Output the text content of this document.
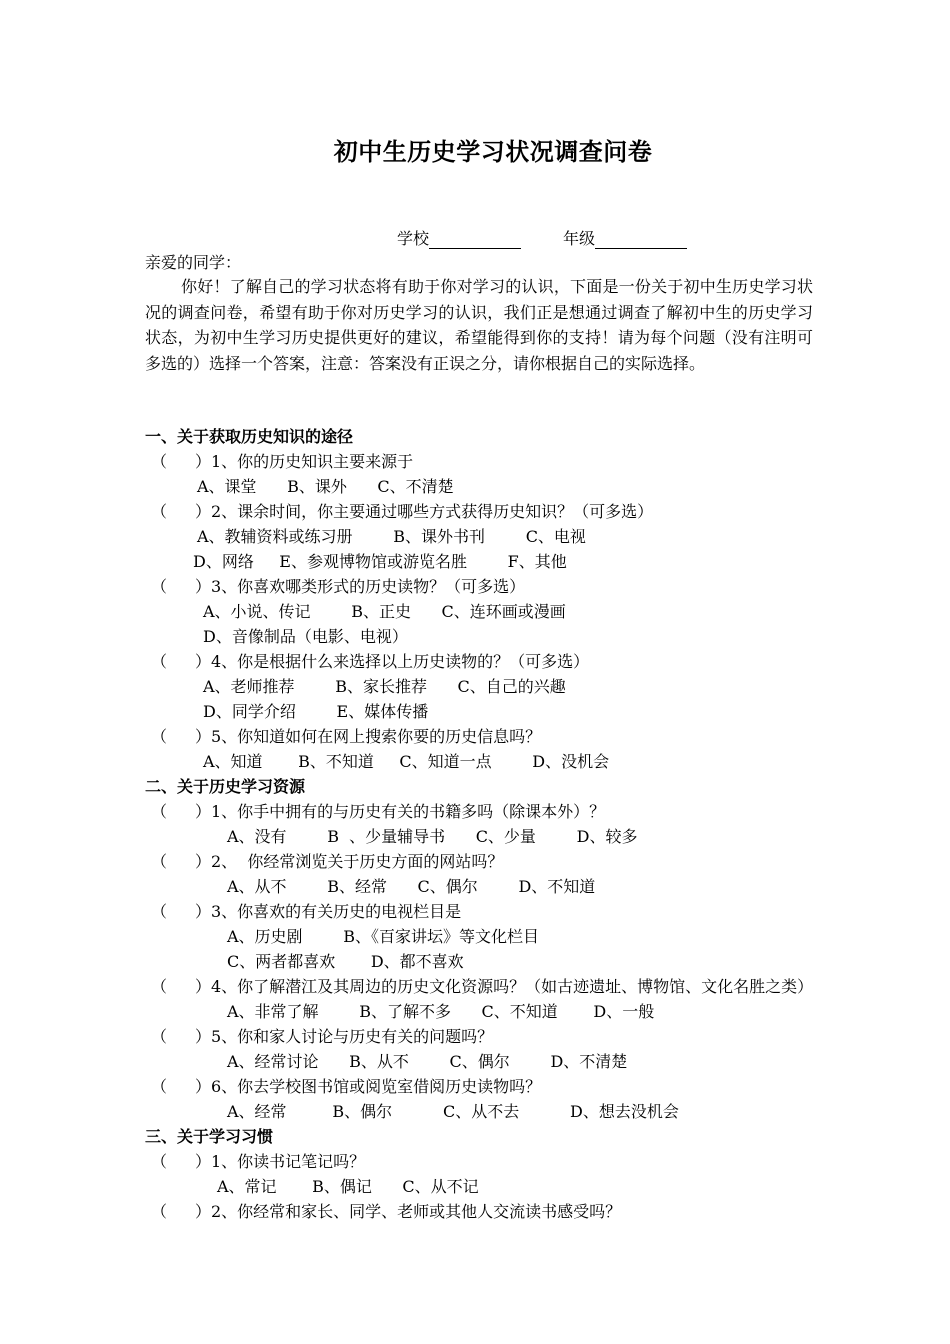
初中生历史学习状况调查问卷
学校	年级
亲爱的同学：
你好！了解自己的学习状态将有助于你对学习的认识，下面是一份关于初中生历史学习状况的调查问卷，希望有助于你对历史学习的认识，我们正是想通过调查了解初中生的历史学习状态，为初中生学习历史提供更好的建议，希望能得到你的支持！请为每个问题（没有注明可多选的）选择一个答案，注意：答案没有正误之分，请你根据自己的实际选择。
一、关于获取历史知识的途径
（ ）1、你的历史知识主要来源于
A、课堂      B、课外      C、不清楚
（ ）2、课余时间，你主要通过哪些方式获得历史知识？（可多选）
A、教辅资料或练习册        B、课外书刊        C、电视
D、网络     E、参观博物馆或游览名胜        F、其他
（ ）3、你喜欢哪类形式的历史读物？（可多选）
A、小说、传记        B、正史      C、连环画或漫画
D、音像制品（电影、电视）
（ ）4、你是根据什么来选择以上历史读物的？（可多选）
A、老师推荐        B、家长推荐      C、自己的兴趣
D、同学介绍        E、媒体传播
（ ）5、你知道如何在网上搜索你要的历史信息吗？
A、知道       B、不知道     C、知道一点        D、没机会
二、关于历史学习资源
（ ）1、你手中拥有的与历史有关的书籍多吗（除课本外）？
A、没有        B  、少量辅导书      C、少量        D、较多
（ ）2、  你经常浏览关于历史方面的网站吗？
A、从不        B、经常      C、偶尔        D、不知道
（ ）3、你喜欢的有关历史的电视栏目是
A、历史剧        B、《百家讲坛》等文化栏目
C、两者都喜欢       D、都不喜欢
（ ）4、你了解潜江及其周边的历史文化资源吗？（如古迹遗址、博物馆、文化名胜之类）
A、非常了解        B、了解不多      C、不知道       D、一般
（ ）5、你和家人讨论与历史有关的问题吗？
A、经常讨论      B、从不        C、偶尔        D、不清楚
（ ）6、你去学校图书馆或阅览室借阅历史读物吗？
A、经常         B、偶尔          C、从不去          D、想去没机会
三、关于学习习惯
（ ）1、你读书记笔记吗？
A、常记       B、偶记      C、从不记
（ ）2、你经常和家长、同学、老师或其他人交流读书感受吗？
